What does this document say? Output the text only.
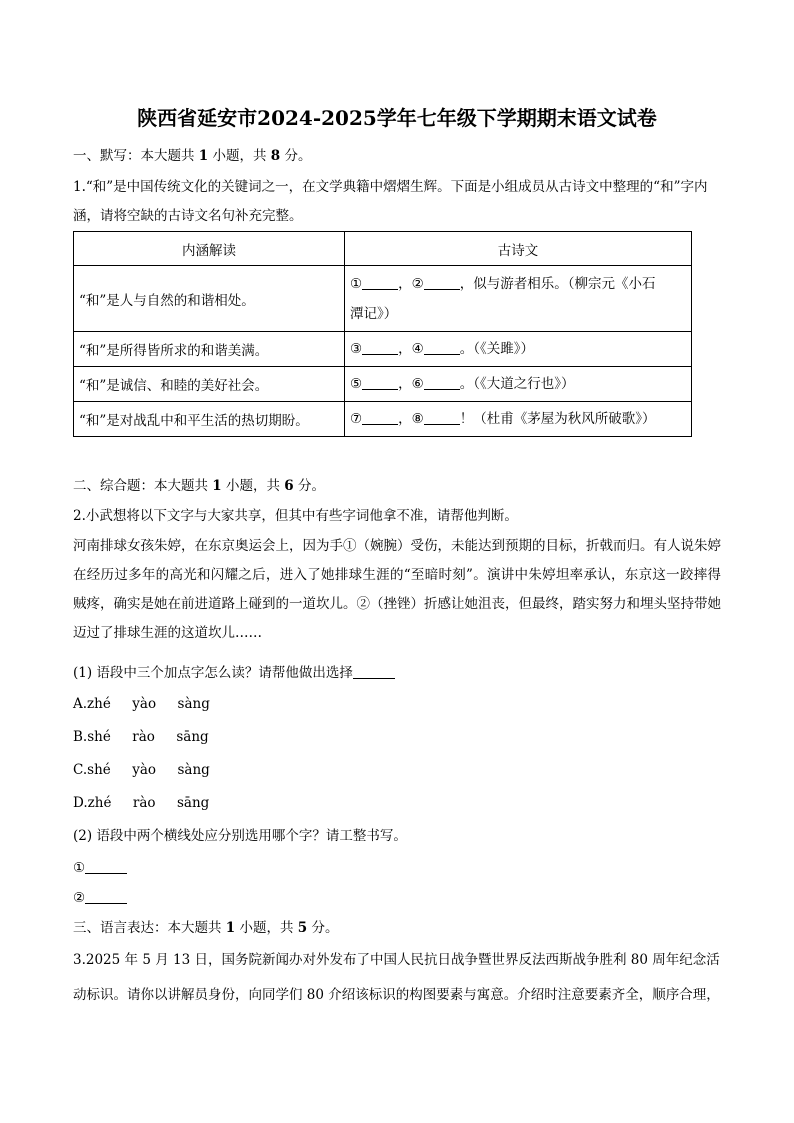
陕西省延安市2024-2025学年七年级下学期期末语文试卷
一、默写：本大题共 1 小题，共 8 分。
1.“和”是中国传统文化的关键词之一，在文学典籍中熠熠生辉。下面是小组成员从古诗文中整理的“和”字内
涵，请将空缺的古诗文名句补充完整。
内涵解读	古诗文
“和”是人与自然的和谐相处。	① ，② ，似与游者相乐。（柳宗元《小石
潭记》）
“和”是所得皆所求的和谐美满。	③ ，④ 。（《关雎》）
“和”是诚信、和睦的美好社会。	⑤ ，⑥ 。（《大道之行也》）
“和”是对战乱中和平生活的热切期盼。	⑦ ，⑧ ！（杜甫《茅屋为秋风所破歌》）
二、综合题：本大题共 1 小题，共 6 分。
2.小武想将以下文字与大家共享，但其中有些字词他拿不准，请帮他判断。
河南排球女孩朱婷，在东京奥运会上，因为手①（婉腕）受伤，未能达到预期的目标，折戟而归。有人说朱婷在经历过多年的高光和闪耀之后，进入了她排球生涯的“至暗时刻”。演讲中朱婷坦率承认，东京这一跤摔得贼疼，确实是她在前进道路上碰到的一道坎儿。②（挫锉）折感让她沮丧，但最终，踏实努力和埋头坚持带她迈过了排球生涯的这道坎儿……
(1) 语段中三个加点字怎么读？请帮他做出选择
A.zhé     yào     sàng
B.shé     rào     sāng
C.shé     yào     sàng
D.zhé     rào     sāng
(2) 语段中两个横线处应分别选用哪个字？请工整书写。
①
②
三、语言表达：本大题共 1 小题，共 5 分。
3.2025 年 5 月 13 日，国务院新闻办对外发布了中国人民抗日战争暨世界反法西斯战争胜利 80 周年纪念活
动标识。请你以讲解员身份，向同学们 80 介绍该标识的构图要素与寓意。介绍时注意要素齐全，顺序合理，
